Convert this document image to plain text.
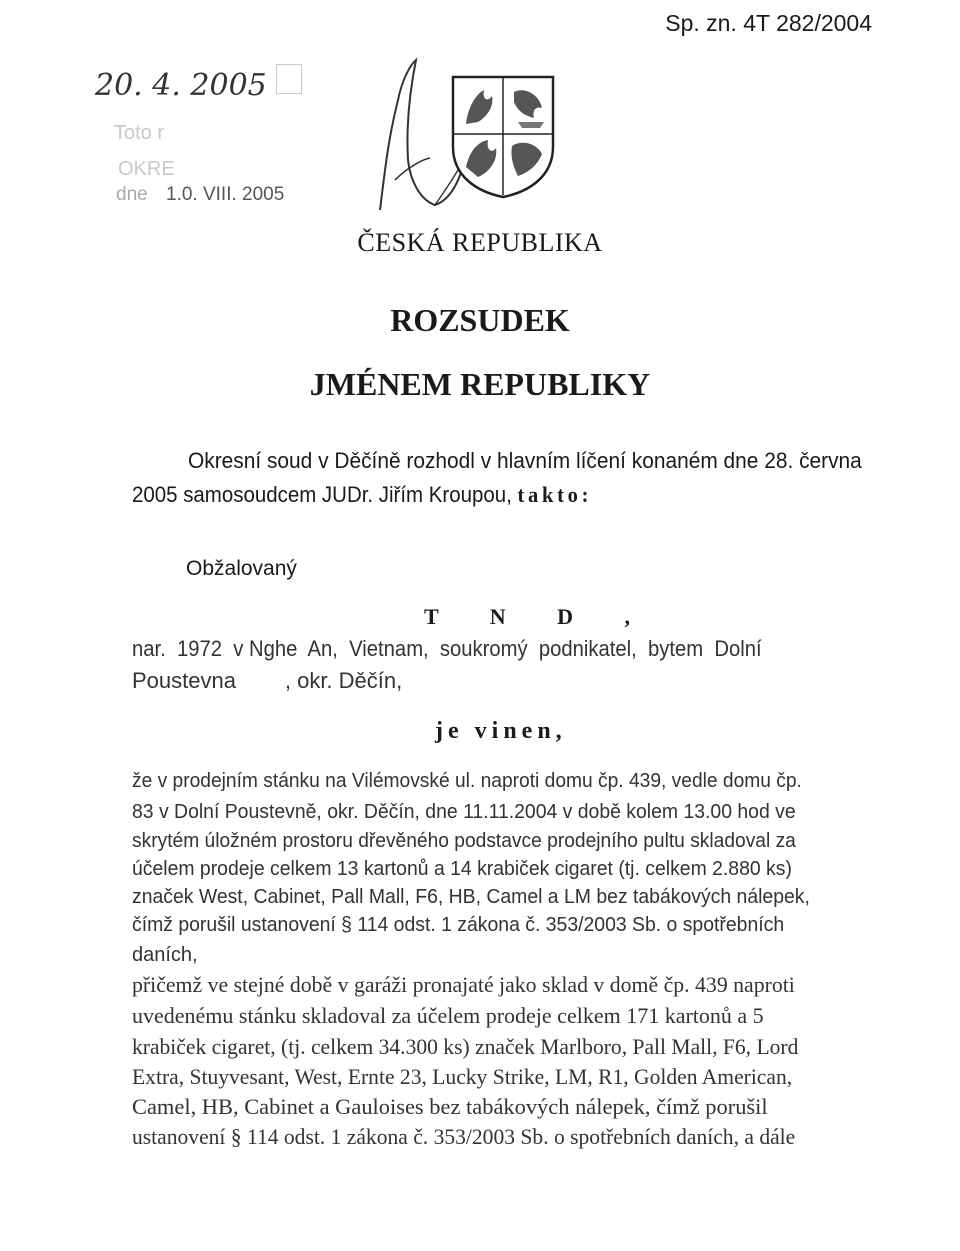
Sp. zn. 4T 282/2004
Toto r
OKRE
dne 1.0. VIII. 2005
20. 4. 2005
ČESKÁ REPUBLIKA
ROZSUDEK
JMÉNEM REPUBLIKY
Okresní soud v Děčíně rozhodl v hlavním líčení konaném dne 28. června
2005 samosoudcem JUDr. Jiřím Kroupou, takto:
Obžalovaný
T N D ,
nar.  1972  v Nghe  An,  Vietnam,  soukromý  podnikatel,  bytem  Dolní
Poustevna        , okr. Děčín,
je vinen,
že v prodejním stánku na Vilémovské ul. naproti domu čp. 439, vedle domu čp.
83 v Dolní Poustevně, okr. Děčín, dne 11.11.2004 v době kolem 13.00 hod ve
skrytém úložném prostoru dřevěného podstavce prodejního pultu skladoval za
účelem prodeje celkem 13 kartonů a 14 krabiček cigaret (tj. celkem 2.880 ks)
značek West, Cabinet, Pall Mall, F6, HB, Camel a LM bez tabákových nálepek,
čímž porušil ustanovení § 114 odst. 1 zákona č. 353/2003 Sb. o spotřebních
daních,
přičemž ve stejné době v garáži pronajaté jako sklad v domě čp. 439 naproti
uvedenému stánku skladoval za účelem prodeje celkem 171 kartonů a 5
krabiček cigaret, (tj. celkem 34.300 ks) značek Marlboro, Pall Mall, F6, Lord
Extra, Stuyvesant, West, Ernte 23, Lucky Strike, LM, R1, Golden American,
Camel, HB, Cabinet a Gauloises bez tabákových nálepek, čímž porušil
ustanovení § 114 odst. 1 zákona č. 353/2003 Sb. o spotřebních daních, a dále
